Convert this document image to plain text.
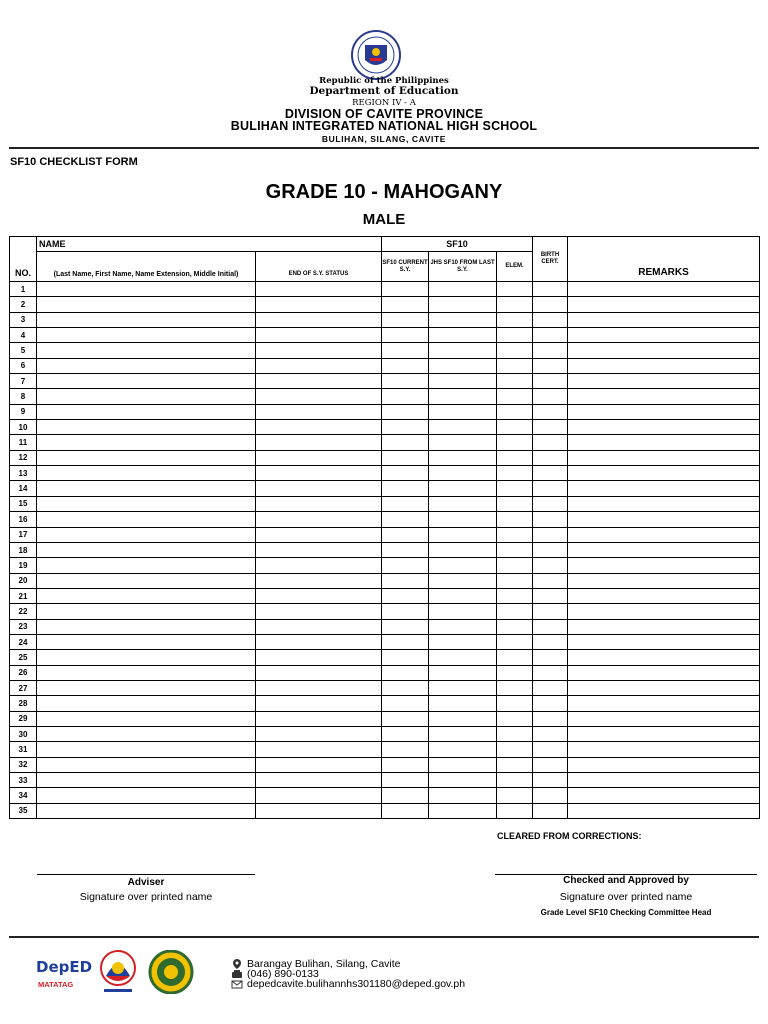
Republic of the Philippines
Department of Education
REGION IV - A
DIVISION OF CAVITE PROVINCE
BULIHAN INTEGRATED NATIONAL HIGH SCHOOL
BULIHAN, SILANG, CAVITE
SF10 CHECKLIST FORM
GRADE 10 - MAHOGANY
MALE
NO.	NAME		SF10			BIRTH CERT.	REMARKS
	(Last Name, First Name, Name Extension, Middle Initial)	END OF S.Y. STATUS	SF10 CURRENT S.Y.	JHS SF10 FROM LAST S.Y.	ELEM.		
1							
2							
3							
4							
5							
6							
7							
8							
9							
10							
11							
12							
13							
14							
15							
16							
17							
18							
19							
20							
21							
22							
23							
24							
25							
26							
27							
28							
29							
30							
31							
32							
33							
34							
35							
CLEARED FROM CORRECTIONS:
Adviser
Signature over printed name
Checked and Approved by
Signature over printed name
Grade Level SF10 Checking Committee Head
DepED
MATATAG
Barangay Bulihan, Silang, Cavite
(046) 890-0133
depedcavite.bulihannhs301180@deped.gov.ph
